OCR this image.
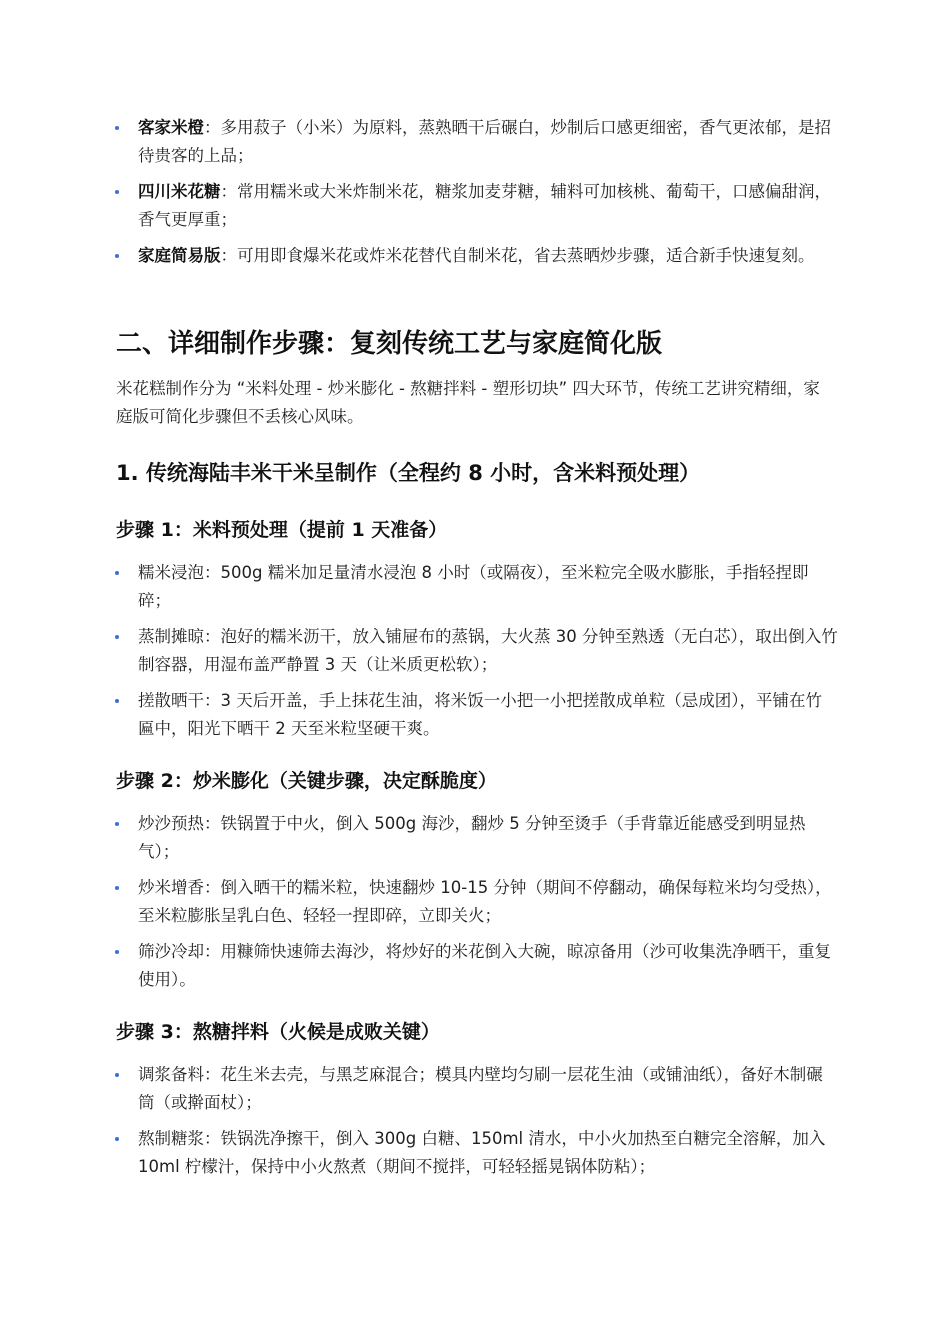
客家米橙：多用菽子（小米）为原料，蒸熟晒干后碾白，炒制后口感更细密，香气更浓郁，是招待贵客的上品；
四川米花糖：常用糯米或大米炸制米花，糖浆加麦芽糖，辅料可加核桃、葡萄干，口感偏甜润，香气更厚重；
家庭简易版：可用即食爆米花或炸米花替代自制米花，省去蒸晒炒步骤，适合新手快速复刻。
二、详细制作步骤：复刻传统工艺与家庭简化版
米花糕制作分为 “米料处理 - 炒米膨化 - 熬糖拌料 - 塑形切块” 四大环节，传统工艺讲究精细，家庭版可简化步骤但不丢核心风味。
1. 传统海陆丰米干米呈制作（全程约 8 小时，含米料预处理）
步骤 1：米料预处理（提前 1 天准备）
糯米浸泡：500g 糯米加足量清水浸泡 8 小时（或隔夜），至米粒完全吸水膨胀，手指轻捏即碎；
蒸制摊晾：泡好的糯米沥干，放入铺屉布的蒸锅，大火蒸 30 分钟至熟透（无白芯），取出倒入竹制容器，用湿布盖严静置 3 天（让米质更松软）；
搓散晒干：3 天后开盖，手上抹花生油，将米饭一小把一小把搓散成单粒（忌成团），平铺在竹匾中，阳光下晒干 2 天至米粒坚硬干爽。
步骤 2：炒米膨化（关键步骤，决定酥脆度）
炒沙预热：铁锅置于中火，倒入 500g 海沙，翻炒 5 分钟至烫手（手背靠近能感受到明显热气）；
炒米增香：倒入晒干的糯米粒，快速翻炒 10-15 分钟（期间不停翻动，确保每粒米均匀受热），至米粒膨胀呈乳白色、轻轻一捏即碎，立即关火；
筛沙冷却：用糠筛快速筛去海沙，将炒好的米花倒入大碗，晾凉备用（沙可收集洗净晒干，重复使用）。
步骤 3：熬糖拌料（火候是成败关键）
调浆备料：花生米去壳，与黑芝麻混合；模具内壁均匀刷一层花生油（或铺油纸），备好木制碾筒（或擀面杖）；
熬制糖浆：铁锅洗净擦干，倒入 300g 白糖、150ml 清水，中小火加热至白糖完全溶解，加入 10ml 柠檬汁，保持中小火熬煮（期间不搅拌，可轻轻摇晃锅体防粘）；
